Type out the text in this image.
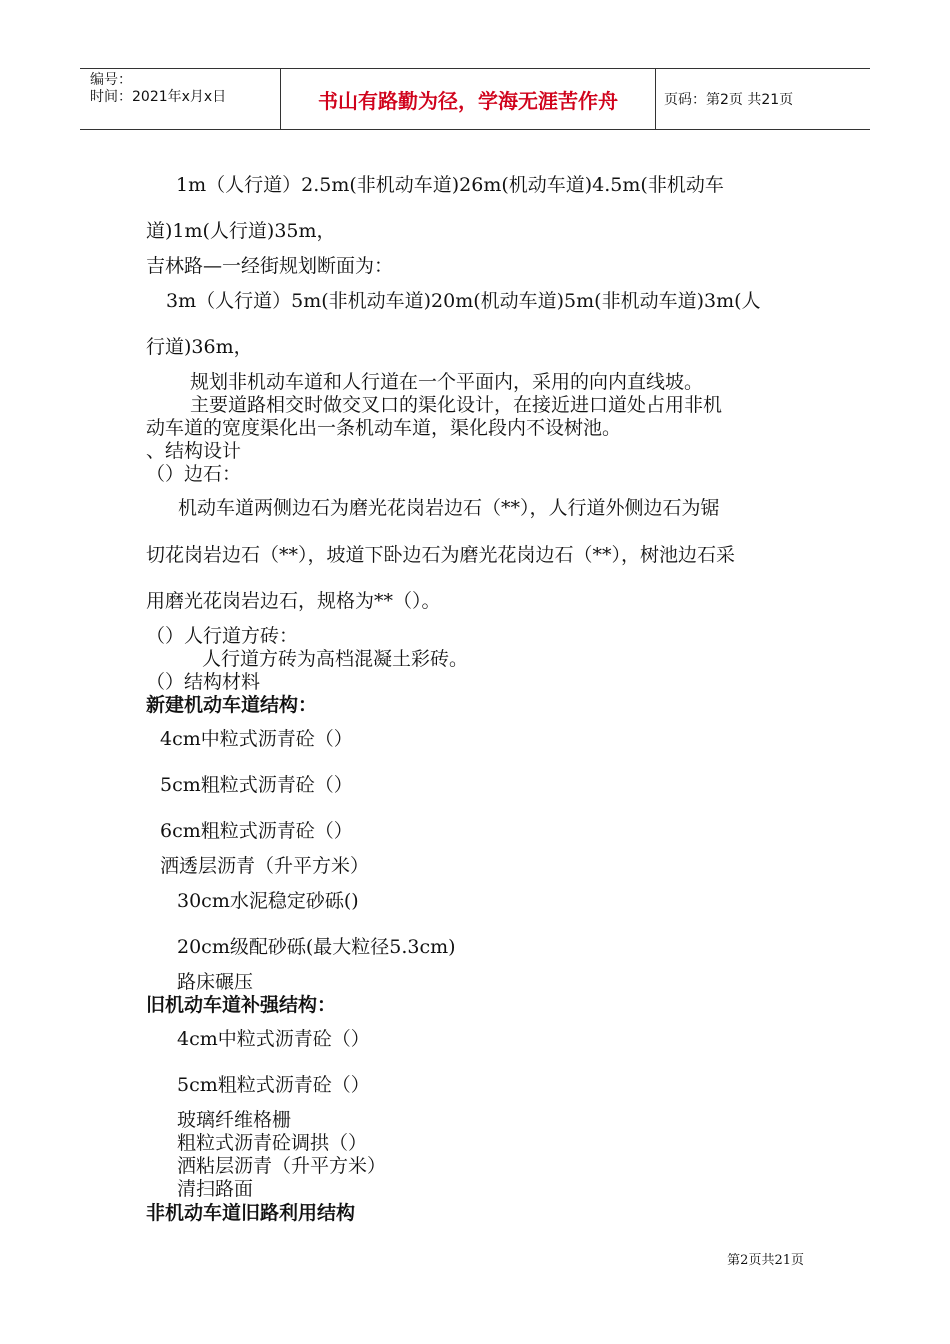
编号：
时间：2021年x月x日	书山有路勤为径，学海无涯苦作舟	页码：第2页 共21页
1m（人行道）2.5m(非机动车道)26m(机动车道)4.5m(非机动车
道)1m(人行道)35m，
吉林路—一经街规划断面为：
3m（人行道）5m(非机动车道)20m(机动车道)5m(非机动车道)3m(人
行道)36m，
规划非机动车道和人行道在一个平面内，采用的向内直线坡。
主要道路相交时做交叉口的渠化设计，在接近进口道处占用非机
动车道的宽度渠化出一条机动车道，渠化段内不设树池。
、结构设计
（）边石：
机动车道两侧边石为磨光花岗岩边石（**），人行道外侧边石为锯
切花岗岩边石（**），坡道下卧边石为磨光花岗边石（**），树池边石采
用磨光花岗岩边石，规格为**（）。
（）人行道方砖：
人行道方砖为高档混凝土彩砖。
（）结构材料
新建机动车道结构：
4cm中粒式沥青砼（）
5cm粗粒式沥青砼（）
6cm粗粒式沥青砼（）
洒透层沥青（升平方米）
30cm水泥稳定砂砾()
20cm级配砂砾(最大粒径5.3cm)
路床碾压
旧机动车道补强结构：
4cm中粒式沥青砼（）
5cm粗粒式沥青砼（）
玻璃纤维格栅
粗粒式沥青砼调拱（）
洒粘层沥青（升平方米）
清扫路面
非机动车道旧路利用结构
第2页共21页
